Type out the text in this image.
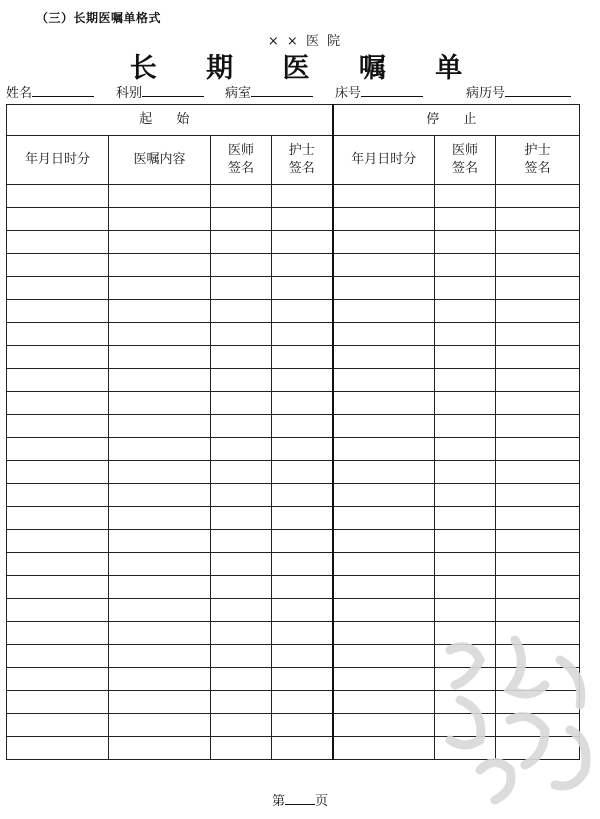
（三）长期医嘱单格式
× × 医 院
长 期 医 嘱 单
姓名	科别	病室	床号	病历号
起 始				停 止		
年月日时分	医嘱内容	医师签名	护士签名	年月日时分	医师签名	护士签名

第 页
